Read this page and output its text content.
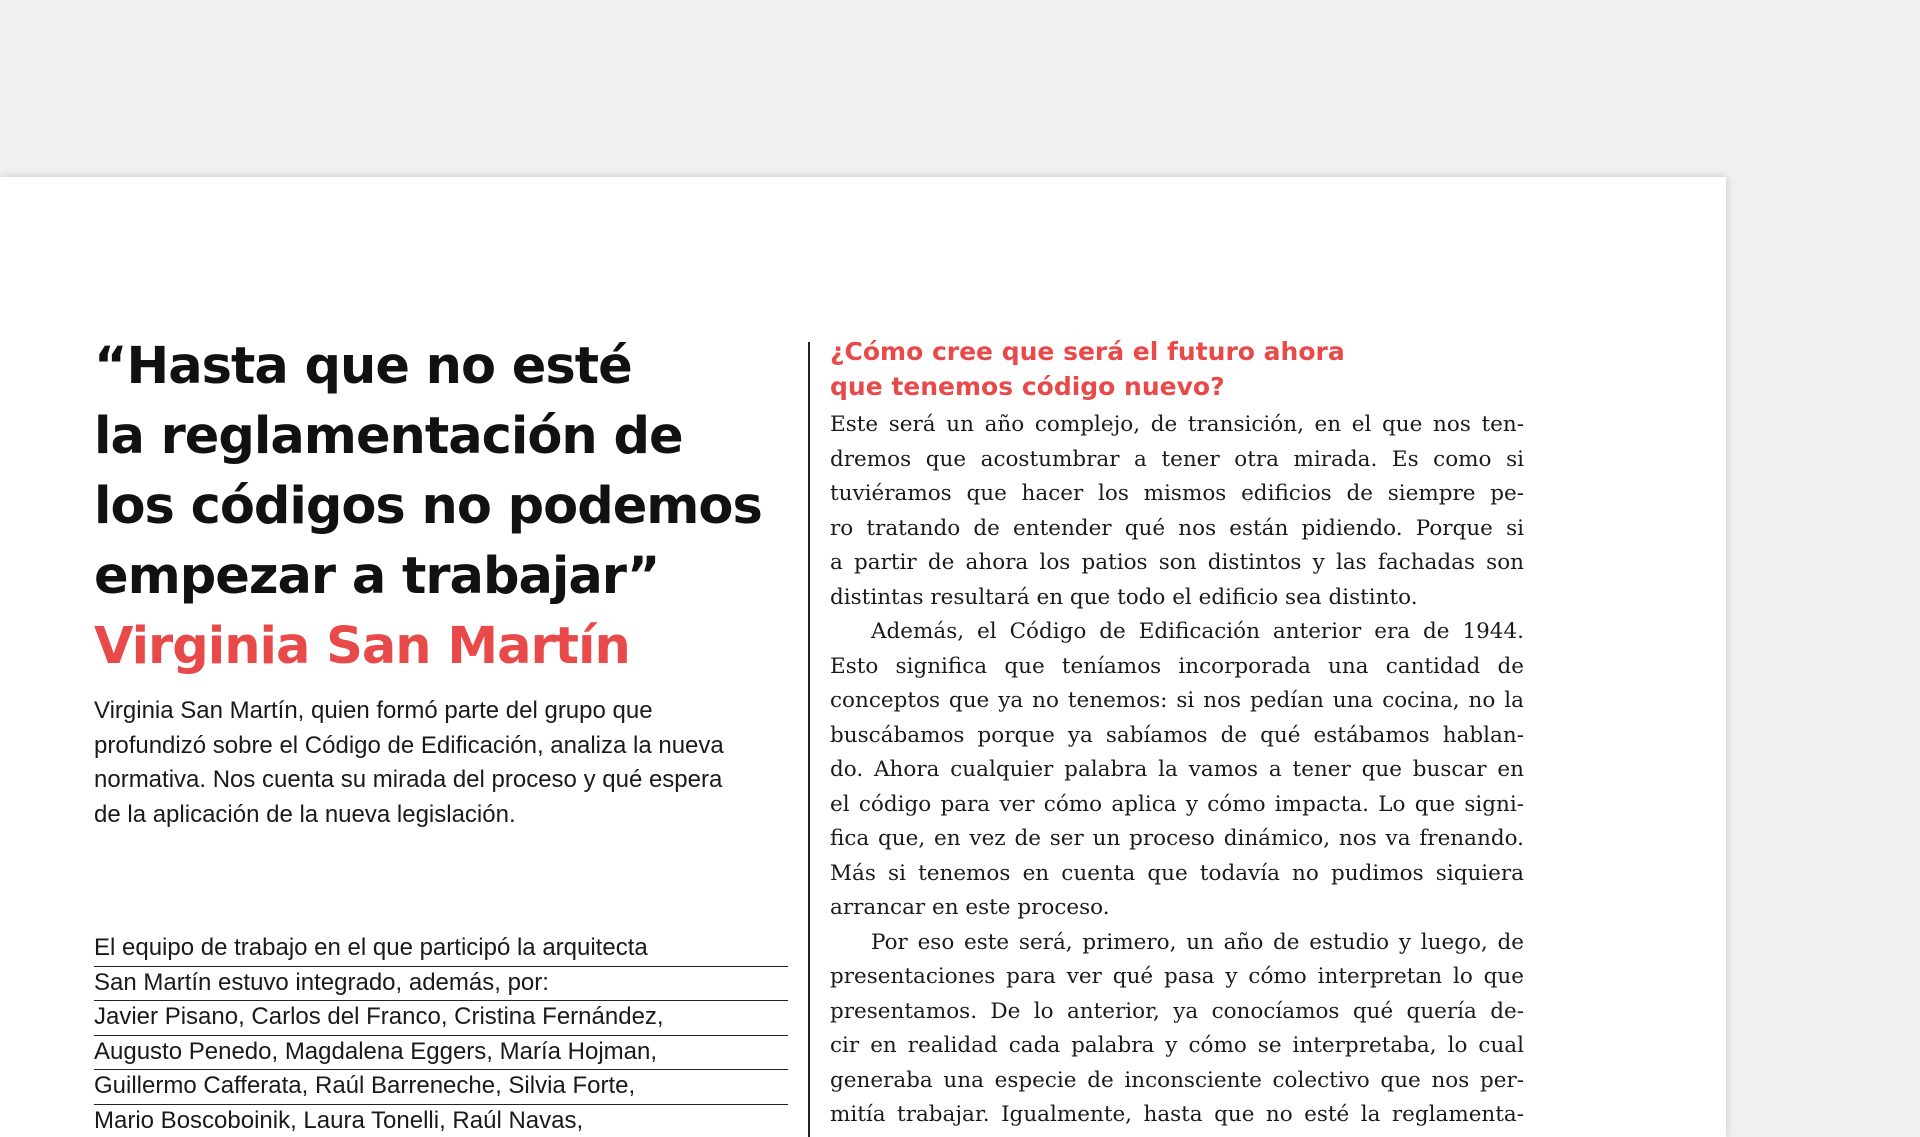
“Hasta que no esté
la reglamentación de
los códigos no podemos
empezar a trabajar”
Virginia San Martín

Virginia San Martín, quien formó parte del grupo que
profundizó sobre el Código de Edificación, analiza la nueva
normativa. Nos cuenta su mirada del proceso y qué espera
de la aplicación de la nueva legislación.

El equipo de trabajo en el que participó la arquitecta
San Martín estuvo integrado, además, por:
Javier Pisano, Carlos del Franco, Cristina Fernández,
Augusto Penedo, Magdalena Eggers, María Hojman,
Guillermo Cafferata, Raúl Barreneche, Silvia Forte,
Mario Boscoboinik, Laura Tonelli, Raúl Navas,
¿Cómo cree que será el futuro ahora
que tenemos código nuevo?
Este será un año complejo, de transición, en el que nos ten-
dremos que acostumbrar a tener otra mirada. Es como si
tuviéramos que hacer los mismos edificios de siempre pe-
ro tratando de entender qué nos están pidiendo. Porque si
a partir de ahora los patios son distintos y las fachadas son
distintas resultará en que todo el edificio sea distinto.
Además, el Código de Edificación anterior era de 1944.
Esto significa que teníamos incorporada una cantidad de
conceptos que ya no tenemos: si nos pedían una cocina, no la
buscábamos porque ya sabíamos de qué estábamos hablan-
do. Ahora cualquier palabra la vamos a tener que buscar en
el código para ver cómo aplica y cómo impacta. Lo que signi-
fica que, en vez de ser un proceso dinámico, nos va frenando.
Más si tenemos en cuenta que todavía no pudimos siquiera
arrancar en este proceso.
Por eso este será, primero, un año de estudio y luego, de
presentaciones para ver qué pasa y cómo interpretan lo que
presentamos. De lo anterior, ya conocíamos qué quería de-
cir en realidad cada palabra y cómo se interpretaba, lo cual
generaba una especie de inconsciente colectivo que nos per-
mitía trabajar. Igualmente, hasta que no esté la reglamenta-
